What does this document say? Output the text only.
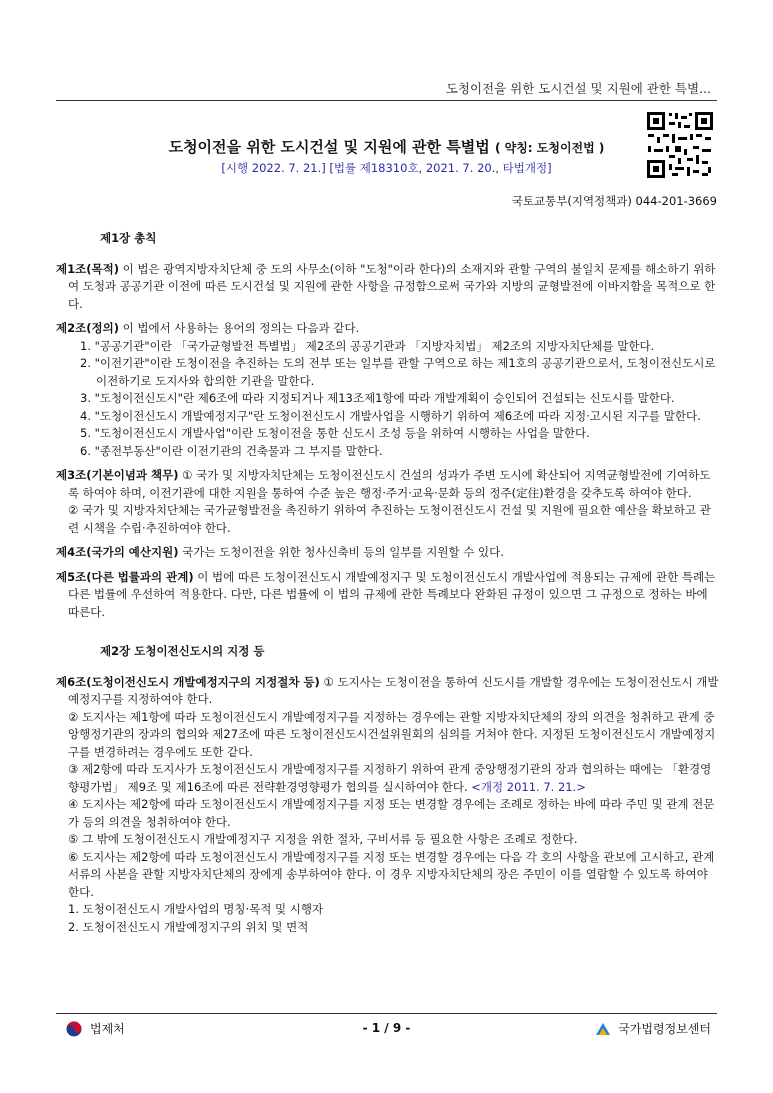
도청이전을 위한 도시건설 및 지원에 관한 특별...
도청이전을 위한 도시건설 및 지원에 관한 특별법 ( 약칭: 도청이전법 )
[시행 2022. 7. 21.] [법률 제18310호, 2021. 7. 20., 타법개정]
국토교통부(지역정책과) 044-201-3669
제1장 총칙

제1조(목적) 이 법은 광역지방자치단체 중 도의 사무소(이하 "도청"이라 한다)의 소재지와 관할 구역의 불일치 문제를 해소하기 위하여 도청과 공공기관 이전에 따른 도시건설 및 지원에 관한 사항을 규정함으로써 국가와 지방의 균형발전에 이바지함을 목적으로 한다.

제2조(정의) 이 법에서 사용하는 용어의 정의는 다음과 같다.

1. "공공기관"이란 「국가균형발전 특별법」 제2조의 공공기관과 「지방자치법」 제2조의 지방자치단체를 말한다.

2. "이전기관"이란 도청이전을 추진하는 도의 전부 또는 일부를 관할 구역으로 하는 제1호의 공공기관으로서, 도청이전신도시로 이전하기로 도지사와 합의한 기관을 말한다.

3. "도청이전신도시"란 제6조에 따라 지정되거나 제13조제1항에 따라 개발계획이 승인되어 건설되는 신도시를 말한다.

4. "도청이전신도시 개발예정지구"란 도청이전신도시 개발사업을 시행하기 위하여 제6조에 따라 지정·고시된 지구를 말한다.

5. "도청이전신도시 개발사업"이란 도청이전을 통한 신도시 조성 등을 위하여 시행하는 사업을 말한다.

6. "종전부동산"이란 이전기관의 건축물과 그 부지를 말한다.

제3조(기본이념과 책무) ① 국가 및 지방자치단체는 도청이전신도시 건설의 성과가 주변 도시에 확산되어 지역균형발전에 기여하도록 하여야 하며, 이전기관에 대한 지원을 통하여 수준 높은 행정·주거·교육·문화 등의 정주(定住)환경을 갖추도록 하여야 한다.
② 국가 및 지방자치단체는 국가균형발전을 촉진하기 위하여 추진하는 도청이전신도시 건설 및 지원에 필요한 예산을 확보하고 관련 시책을 수립·추진하여야 한다.

제4조(국가의 예산지원) 국가는 도청이전을 위한 청사신축비 등의 일부를 지원할 수 있다.

제5조(다른 법률과의 관계) 이 법에 따른 도청이전신도시 개발예정지구 및 도청이전신도시 개발사업에 적용되는 규제에 관한 특례는 다른 법률에 우선하여 적용한다. 다만, 다른 법률에 이 법의 규제에 관한 특례보다 완화된 규정이 있으면 그 규정으로 정하는 바에 따른다.

제2장 도청이전신도시의 지정 등
제6조(도청이전신도시 개발예정지구의 지정절차 등) ① 도지사는 도청이전을 통하여 신도시를 개발할 경우에는 도청이전신도시 개발예정지구를 지정하여야 한다.
② 도지사는 제1항에 따라 도청이전신도시 개발예정지구를 지정하는 경우에는 관할 지방자치단체의 장의 의견을 청취하고 관계 중앙행정기관의 장과의 협의와 제27조에 따른 도청이전신도시건설위원회의 심의를 거쳐야 한다. 지정된 도청이전신도시 개발예정지구를 변경하려는 경우에도 또한 같다.
③ 제2항에 따라 도지사가 도청이전신도시 개발예정지구를 지정하기 위하여 관계 중앙행정기관의 장과 협의하는 때에는 「환경영향평가법」 제9조 및 제16조에 따른 전략환경영향평가 협의를 실시하여야 한다. <개정 2011. 7. 21.>
④ 도지사는 제2항에 따라 도청이전신도시 개발예정지구를 지정 또는 변경할 경우에는 조례로 정하는 바에 따라 주민 및 관계 전문가 등의 의견을 청취하여야 한다.
⑤ 그 밖에 도청이전신도시 개발예정지구 지정을 위한 절차, 구비서류 등 필요한 사항은 조례로 정한다.
⑥ 도지사는 제2항에 따라 도청이전신도시 개발예정지구를 지정 또는 변경할 경우에는 다음 각 호의 사항을 관보에 고시하고, 관계 서류의 사본을 관할 지방자치단체의 장에게 송부하여야 한다. 이 경우 지방자치단체의 장은 주민이 이를 열람할 수 있도록 하여야 한다.
1. 도청이전신도시 개발사업의 명칭·목적 및 시행자
2. 도청이전신도시 개발예정지구의 위치 및 면적
법제처	- 1 / 9 -	국가법령정보센터
